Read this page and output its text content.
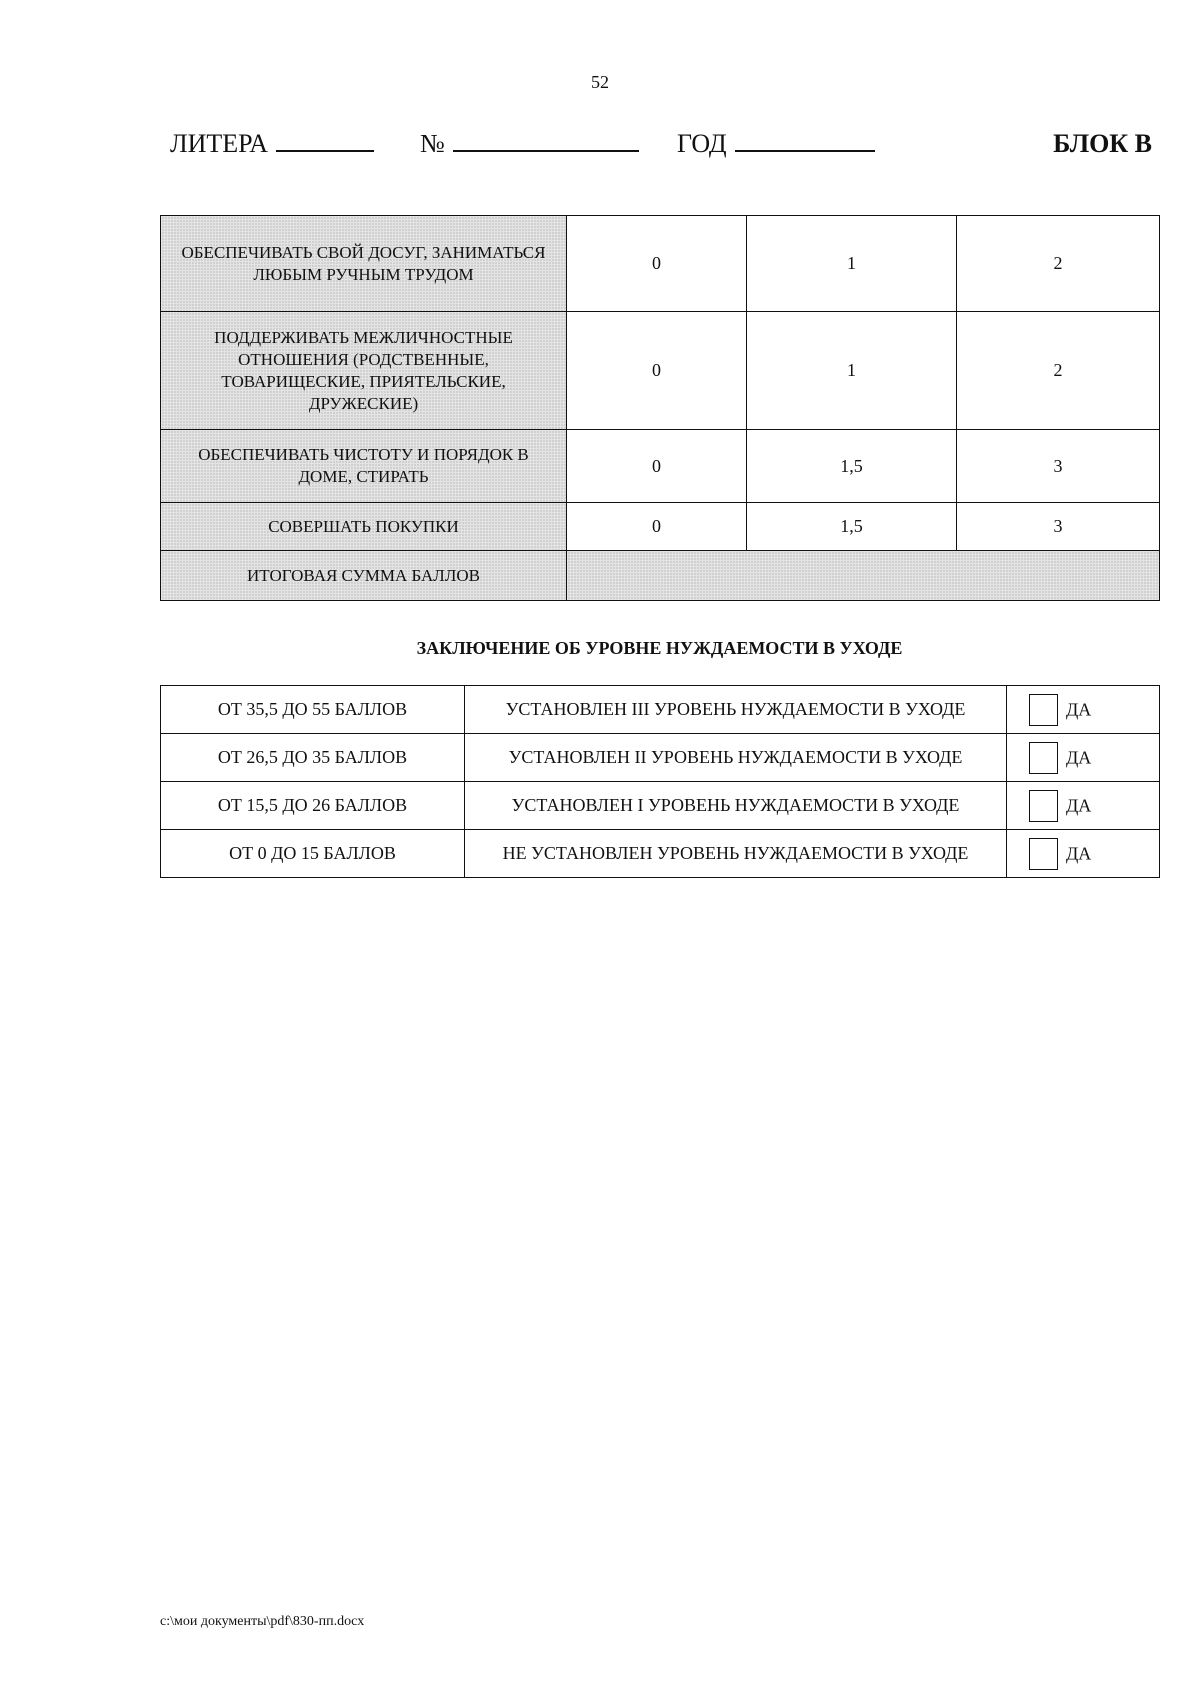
52
ЛИТЕРА	№	ГОД	БЛОК В
ОБЕСПЕЧИВАТЬ СВОЙ ДОСУГ, ЗАНИМАТЬСЯ ЛЮБЫМ РУЧНЫМ ТРУДОМ	0	1	2
ПОДДЕРЖИВАТЬ МЕЖЛИЧНОСТНЫЕ ОТНОШЕНИЯ (РОДСТВЕННЫЕ, ТОВАРИЩЕСКИЕ, ПРИЯТЕЛЬСКИЕ, ДРУЖЕСКИЕ)	0	1	2
ОБЕСПЕЧИВАТЬ ЧИСТОТУ И ПОРЯДОК В ДОМЕ, СТИРАТЬ	0	1,5	3
СОВЕРШАТЬ ПОКУПКИ	0	1,5	3
ИТОГОВАЯ СУММА БАЛЛОВ			
ЗАКЛЮЧЕНИЕ ОБ УРОВНЕ НУЖДАЕМОСТИ В УХОДЕ
ОТ 35,5 ДО 55 БАЛЛОВ	УСТАНОВЛЕН III УРОВЕНЬ НУЖДАЕМОСТИ В УХОДЕ	ДА
ОТ 26,5 ДО 35 БАЛЛОВ	УСТАНОВЛЕН II УРОВЕНЬ НУЖДАЕМОСТИ В УХОДЕ	ДА
ОТ 15,5 ДО 26 БАЛЛОВ	УСТАНОВЛЕН I УРОВЕНЬ НУЖДАЕМОСТИ В УХОДЕ	ДА
ОТ 0 ДО 15 БАЛЛОВ	НЕ УСТАНОВЛЕН УРОВЕНЬ НУЖДАЕМОСТИ В УХОДЕ	ДА
c:\мои документы\pdf\830-пп.docx
